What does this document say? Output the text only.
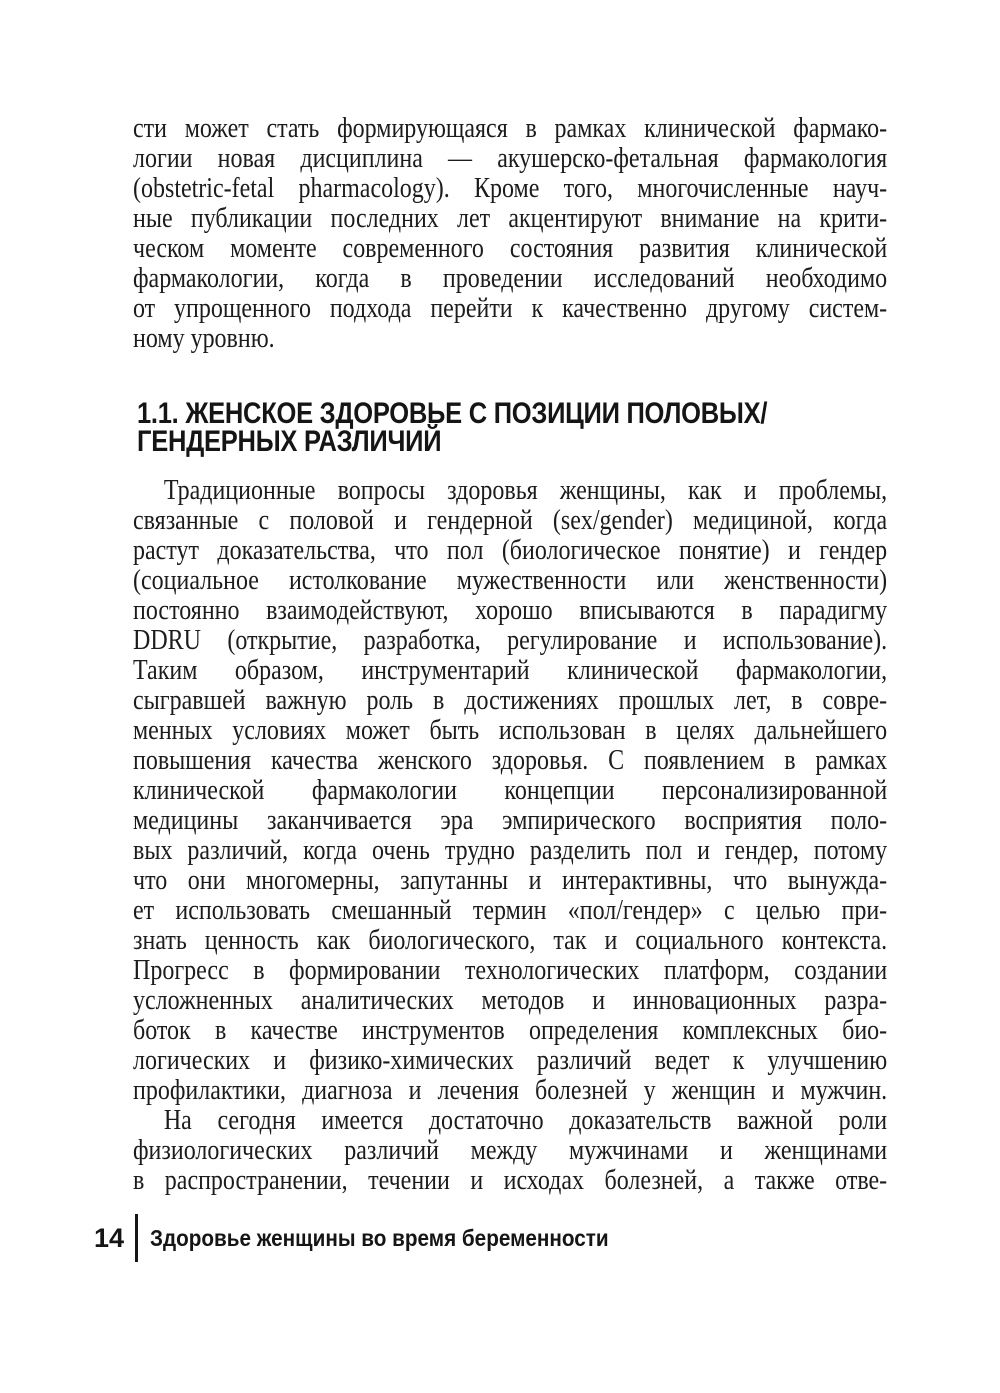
сти может стать формирующаяся в рамках клинической фармако-
логии новая дисциплина — акушерско-фетальная фармакология
(obstetric-fetal pharmacology). Кроме того, многочисленные науч-
ные публикации последних лет акцентируют внимание на крити-
ческом моменте современного состояния развития клинической
фармакологии, когда в проведении исследований необходимо
от упрощенного подхода перейти к качественно другому систем-
ному уровню.
1.1. ЖЕНСКОЕ ЗДОРОВЬЕ С ПОЗИЦИИ ПОЛОВЫХ/
ГЕНДЕРНЫХ РАЗЛИЧИЙ
Традиционные вопросы здоровья женщины, как и проблемы,
связанные с половой и гендерной (sex/gender) медициной, когда
растут доказательства, что пол (биологическое понятие) и гендер
(социальное истолкование мужественности или женственности)
постоянно взаимодействуют, хорошо вписываются в парадигму
DDRU (открытие, разработка, регулирование и использование).
Таким образом, инструментарий клинической фармакологии,
сыгравшей важную роль в достижениях прошлых лет, в совре-
менных условиях может быть использован в целях дальнейшего
повышения качества женского здоровья. С появлением в рамках
клинической фармакологии концепции персонализированной
медицины заканчивается эра эмпирического восприятия поло-
вых различий, когда очень трудно разделить пол и гендер, потому
что они многомерны, запутанны и интерактивны, что вынужда-
ет использовать смешанный термин «пол/гендер» с целью при-
знать ценность как биологического, так и социального контекста.
Прогресс в формировании технологических платформ, создании
усложненных аналитических методов и инновационных разра-
боток в качестве инструментов определения комплексных био-
логических и физико-химических различий ведет к улучшению
профилактики, диагноза и лечения болезней у женщин и мужчин.
На сегодня имеется достаточно доказательств важной роли
физиологических различий между мужчинами и женщинами
в распространении, течении и исходах болезней, а также отве-
14 Здоровье женщины во время беременности
